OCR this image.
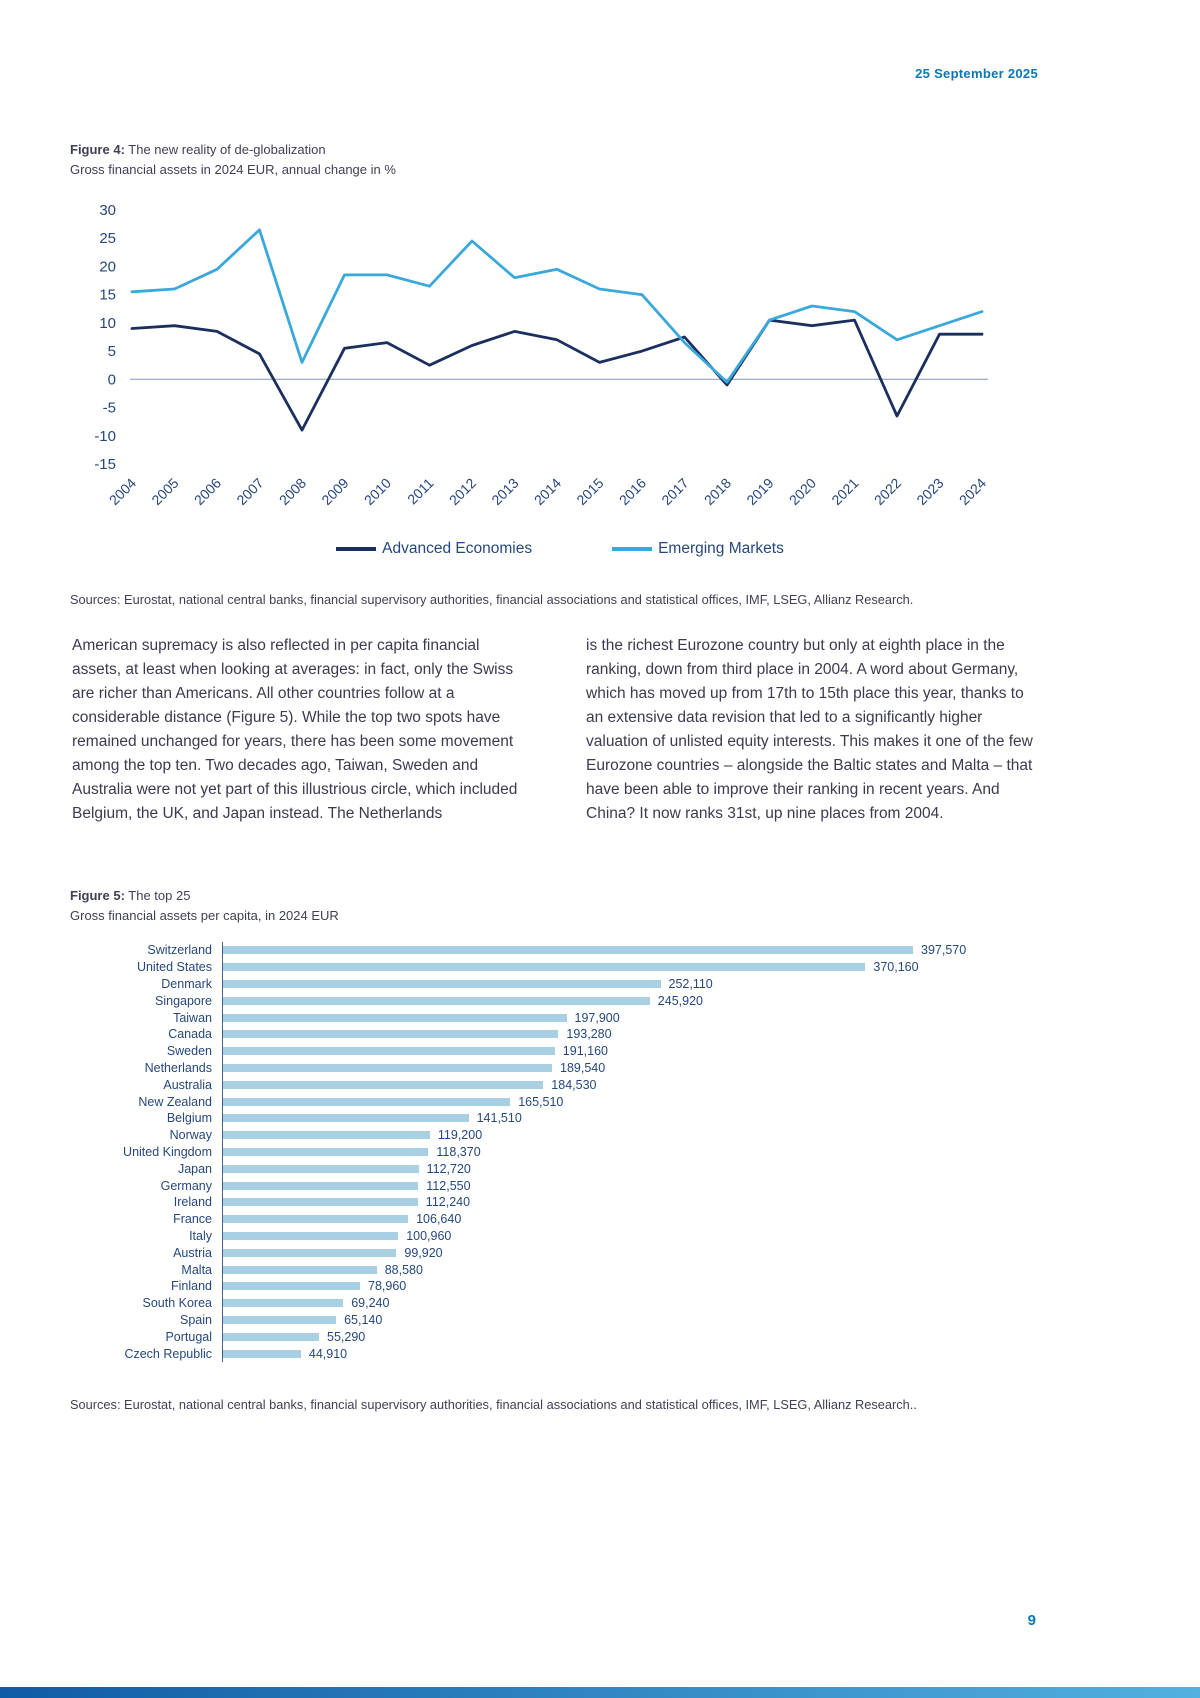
25 September 2025
Figure 4: The new reality of de-globalization
Gross financial assets in 2024 EUR, annual change in %
30
25
20
15
10
5
0
-5
-10
-15
2004 2005 2006 2007 2008 2009 2010 2011 2012 2013 2014 2015 2016 2017 2018 2019 2020 2021 2022 2023 2024
Advanced Economies	Emerging Markets

Sources: Eurostat, national central banks, financial supervisory authorities, financial associations and statistical offices, IMF, LSEG, Allianz Research.

American supremacy is also reflected in per capita financial assets, at least when looking at averages: in fact, only the Swiss are richer than Americans. All other countries follow at a considerable distance (Figure 5). While the top two spots have remained unchanged for years, there has been some movement among the top ten. Two decades ago, Taiwan, Sweden and Australia were not yet part of this illustrious circle, which included Belgium, the UK, and Japan instead. The Netherlands

is the richest Eurozone country but only at eighth place in the ranking, down from third place in 2004. A word about Germany, which has moved up from 17th to 15th place this year, thanks to an extensive data revision that led to a significantly higher valuation of unlisted equity interests. This makes it one of the few Eurozone countries – alongside the Baltic states and Malta – that have been able to improve their ranking in recent years. And China? It now ranks 31st, up nine places from 2004.

Figure 5: The top 25
Gross financial assets per capita, in 2024 EUR
Switzerland	397,570
United States	370,160
Denmark	252,110
Singapore	245,920
Taiwan	197,900
Canada	193,280
Sweden	191,160
Netherlands	189,540
Australia	184,530
New Zealand	165,510
Belgium	141,510
Norway	119,200
United Kingdom	118,370
Japan	112,720
Germany	112,550
Ireland	112,240
France	106,640
Italy	100,960
Austria	99,920
Malta	88,580
Finland	78,960
South Korea	69,240
Spain	65,140
Portugal	55,290
Czech Republic	44,910

Sources: Eurostat, national central banks, financial supervisory authorities, financial associations and statistical offices, IMF, LSEG, Allianz Research..

9
